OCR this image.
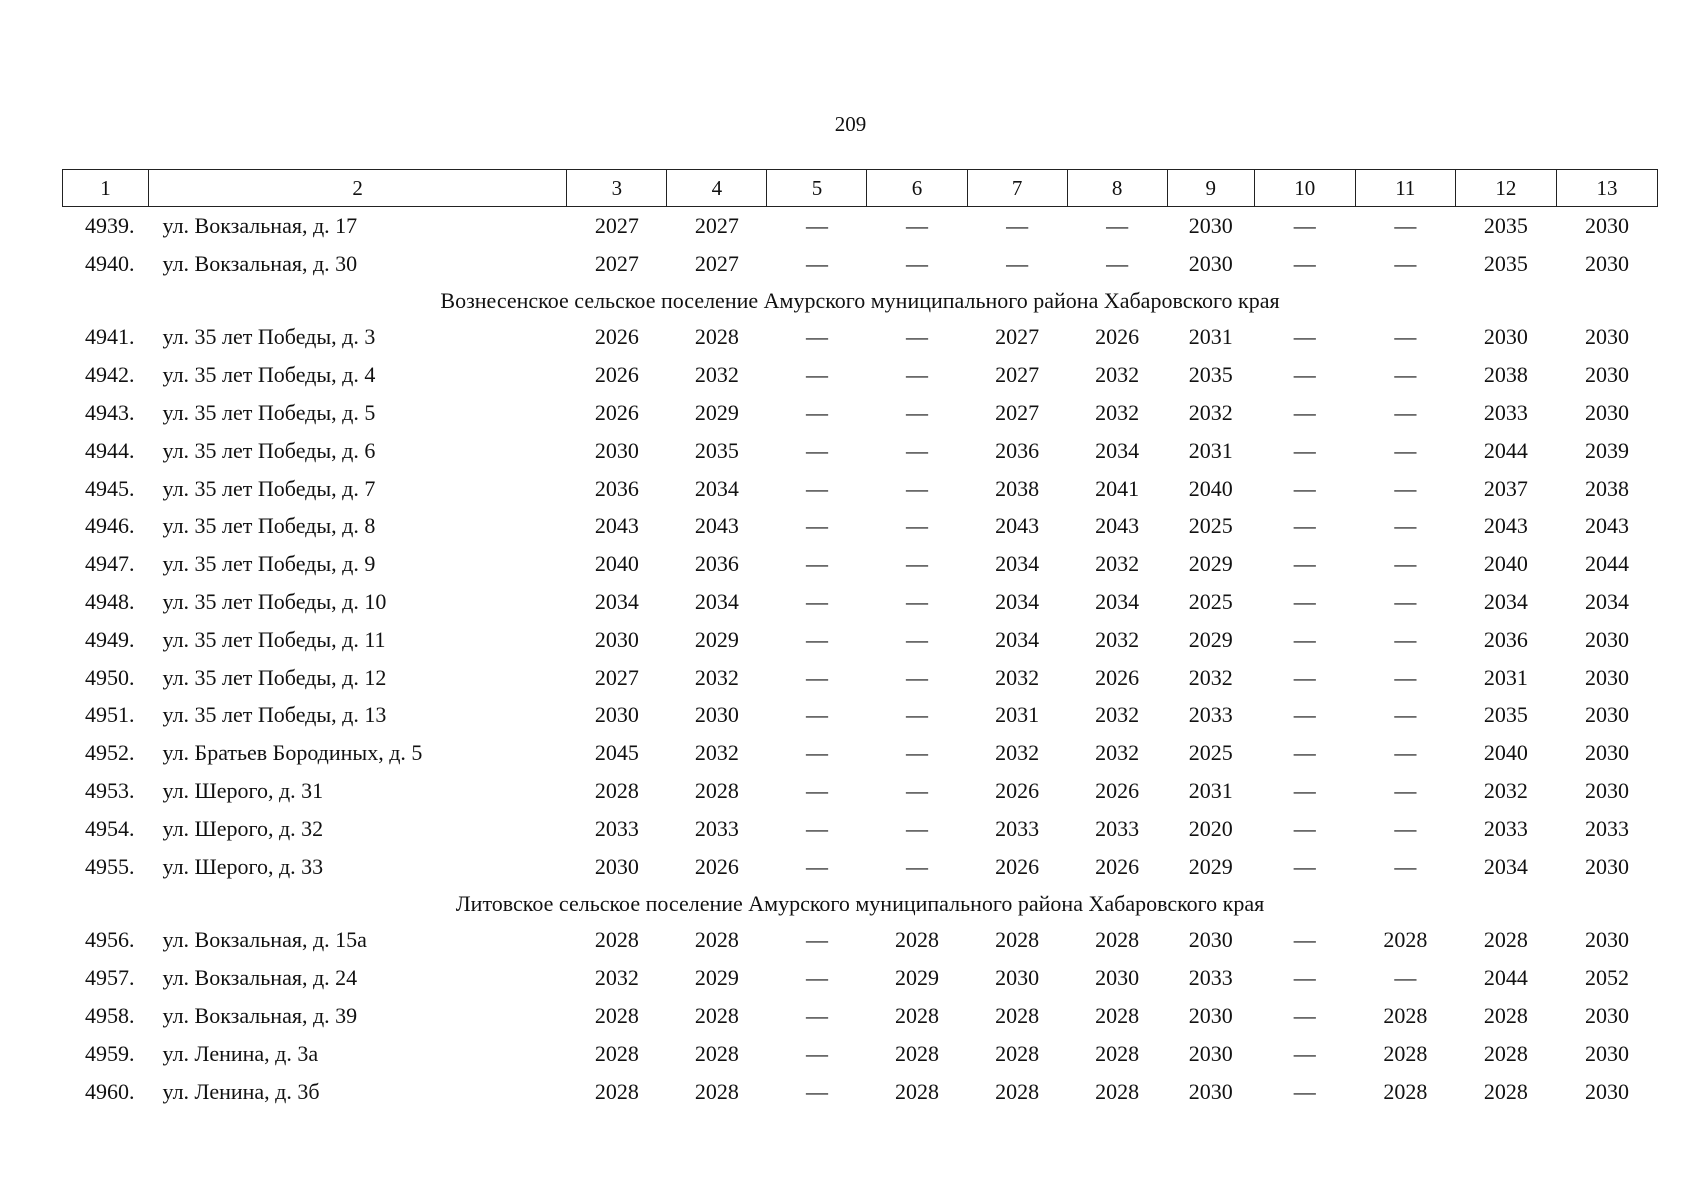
209
1	2	3	4	5	6	7	8	9	10	11	12	13
4939.	ул. Вокзальная, д. 17	2027	2027	—	—	—	—	2030	—	—	2035	2030
4940.	ул. Вокзальная, д. 30	2027	2027	—	—	—	—	2030	—	—	2035	2030
Вознесенское сельское поселение Амурского муниципального района Хабаровского края												
4941.	ул. 35 лет Победы, д. 3	2026	2028	—	—	2027	2026	2031	—	—	2030	2030
4942.	ул. 35 лет Победы, д. 4	2026	2032	—	—	2027	2032	2035	—	—	2038	2030
4943.	ул. 35 лет Победы, д. 5	2026	2029	—	—	2027	2032	2032	—	—	2033	2030
4944.	ул. 35 лет Победы, д. 6	2030	2035	—	—	2036	2034	2031	—	—	2044	2039
4945.	ул. 35 лет Победы, д. 7	2036	2034	—	—	2038	2041	2040	—	—	2037	2038
4946.	ул. 35 лет Победы, д. 8	2043	2043	—	—	2043	2043	2025	—	—	2043	2043
4947.	ул. 35 лет Победы, д. 9	2040	2036	—	—	2034	2032	2029	—	—	2040	2044
4948.	ул. 35 лет Победы, д. 10	2034	2034	—	—	2034	2034	2025	—	—	2034	2034
4949.	ул. 35 лет Победы, д. 11	2030	2029	—	—	2034	2032	2029	—	—	2036	2030
4950.	ул. 35 лет Победы, д. 12	2027	2032	—	—	2032	2026	2032	—	—	2031	2030
4951.	ул. 35 лет Победы, д. 13	2030	2030	—	—	2031	2032	2033	—	—	2035	2030
4952.	ул. Братьев Бородиных, д. 5	2045	2032	—	—	2032	2032	2025	—	—	2040	2030
4953.	ул. Шерого, д. 31	2028	2028	—	—	2026	2026	2031	—	—	2032	2030
4954.	ул. Шерого, д. 32	2033	2033	—	—	2033	2033	2020	—	—	2033	2033
4955.	ул. Шерого, д. 33	2030	2026	—	—	2026	2026	2029	—	—	2034	2030
Литовское сельское поселение Амурского муниципального района Хабаровского края												
4956.	ул. Вокзальная, д. 15а	2028	2028	—	2028	2028	2028	2030	—	2028	2028	2030
4957.	ул. Вокзальная, д. 24	2032	2029	—	2029	2030	2030	2033	—	—	2044	2052
4958.	ул. Вокзальная, д. 39	2028	2028	—	2028	2028	2028	2030	—	2028	2028	2030
4959.	ул. Ленина, д. 3а	2028	2028	—	2028	2028	2028	2030	—	2028	2028	2030
4960.	ул. Ленина, д. 3б	2028	2028	—	2028	2028	2028	2030	—	2028	2028	2030
